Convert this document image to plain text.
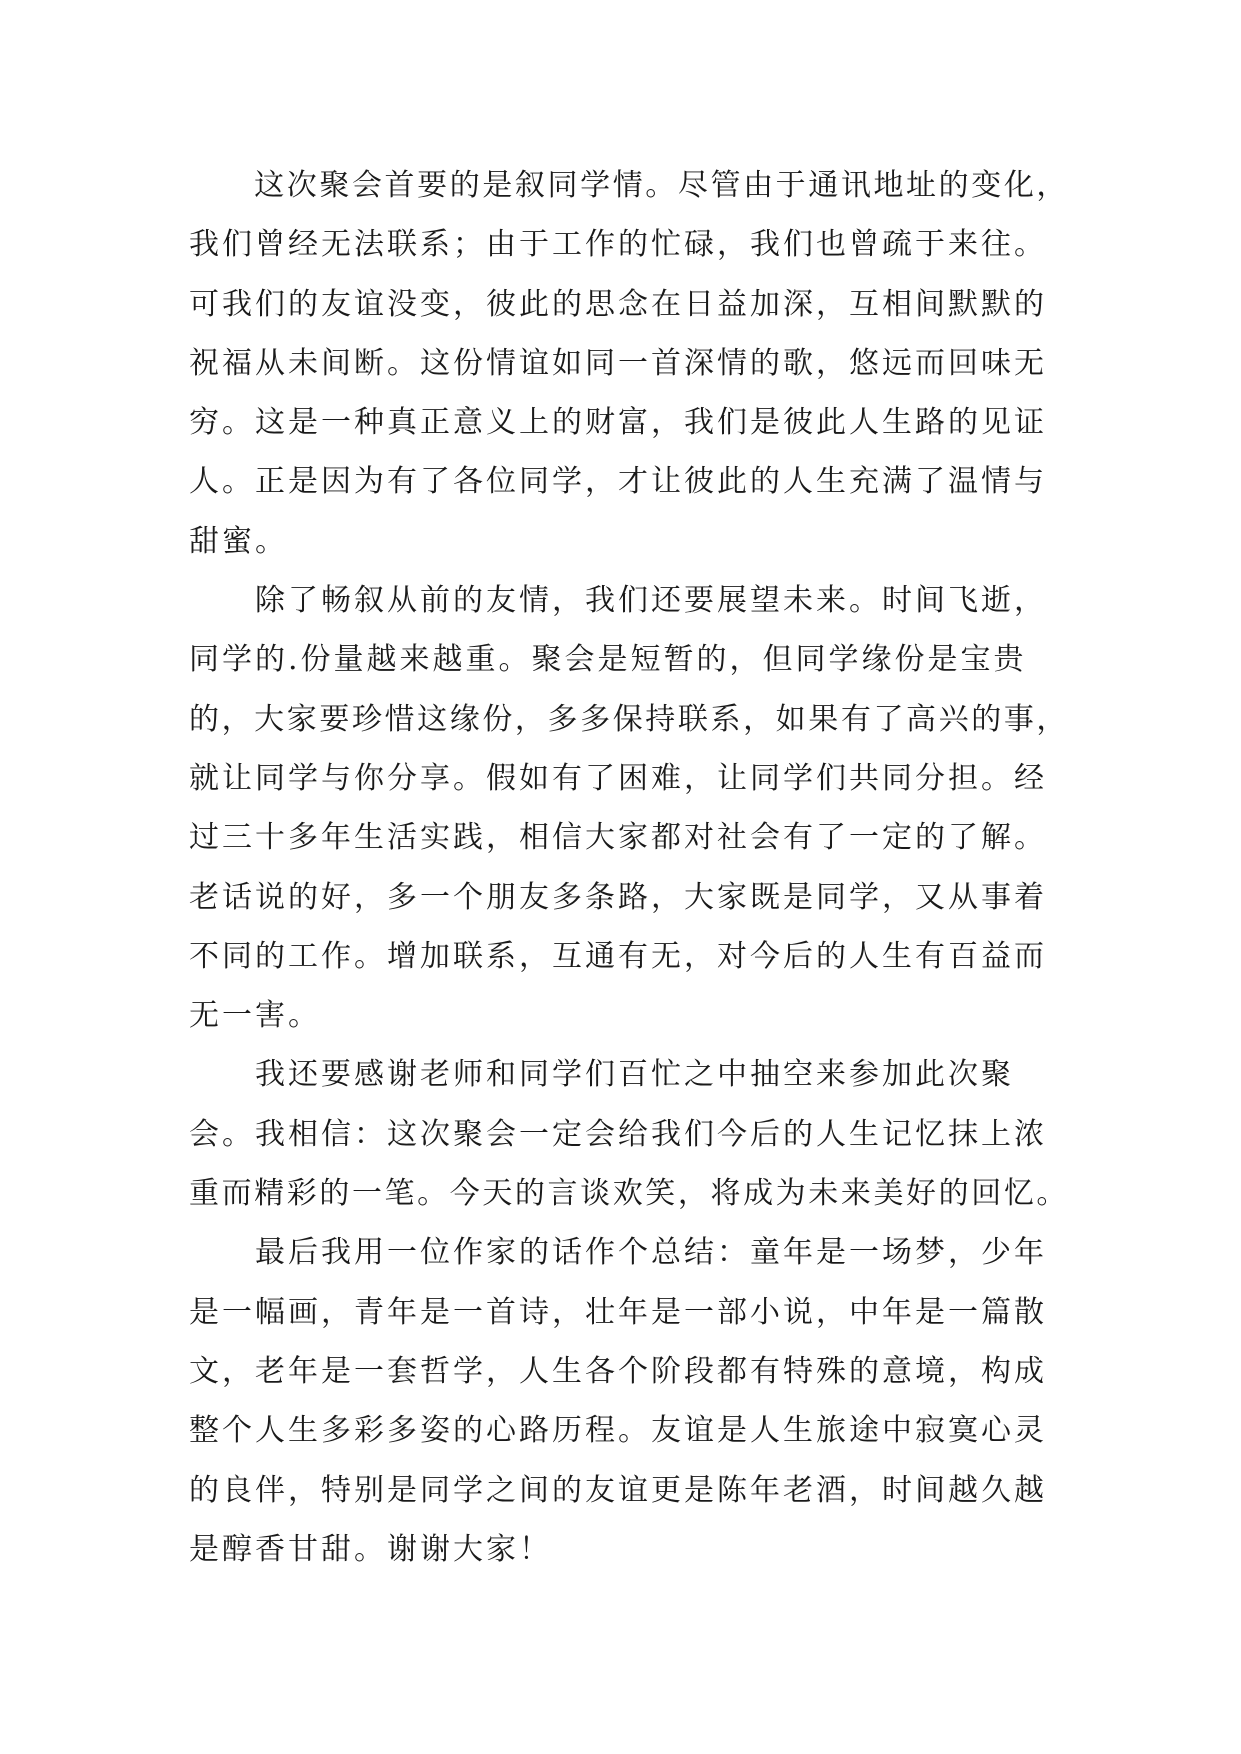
　　这次聚会首要的是叙同学情。尽管由于通讯地址的变化，
我们曾经无法联系；由于工作的忙碌，我们也曾疏于来往。
可我们的友谊没变，彼此的思念在日益加深，互相间默默的
祝福从未间断。这份情谊如同一首深情的歌，悠远而回味无
穷。这是一种真正意义上的财富，我们是彼此人生路的见证
人。正是因为有了各位同学，才让彼此的人生充满了温情与
甜蜜。
　　除了畅叙从前的友情，我们还要展望未来。时间飞逝，
同学的.份量越来越重。聚会是短暂的，但同学缘份是宝贵
的，大家要珍惜这缘份，多多保持联系，如果有了高兴的事，
就让同学与你分享。假如有了困难，让同学们共同分担。经
过三十多年生活实践，相信大家都对社会有了一定的了解。
老话说的好，多一个朋友多条路，大家既是同学，又从事着
不同的工作。增加联系，互通有无，对今后的人生有百益而
无一害。
　　我还要感谢老师和同学们百忙之中抽空来参加此次聚
会。我相信：这次聚会一定会给我们今后的人生记忆抹上浓
重而精彩的一笔。今天的言谈欢笑，将成为未来美好的回忆。
　　最后我用一位作家的话作个总结：童年是一场梦，少年
是一幅画，青年是一首诗，壮年是一部小说，中年是一篇散
文，老年是一套哲学，人生各个阶段都有特殊的意境，构成
整个人生多彩多姿的心路历程。友谊是人生旅途中寂寞心灵
的良伴，特别是同学之间的友谊更是陈年老酒，时间越久越
是醇香甘甜。谢谢大家！
